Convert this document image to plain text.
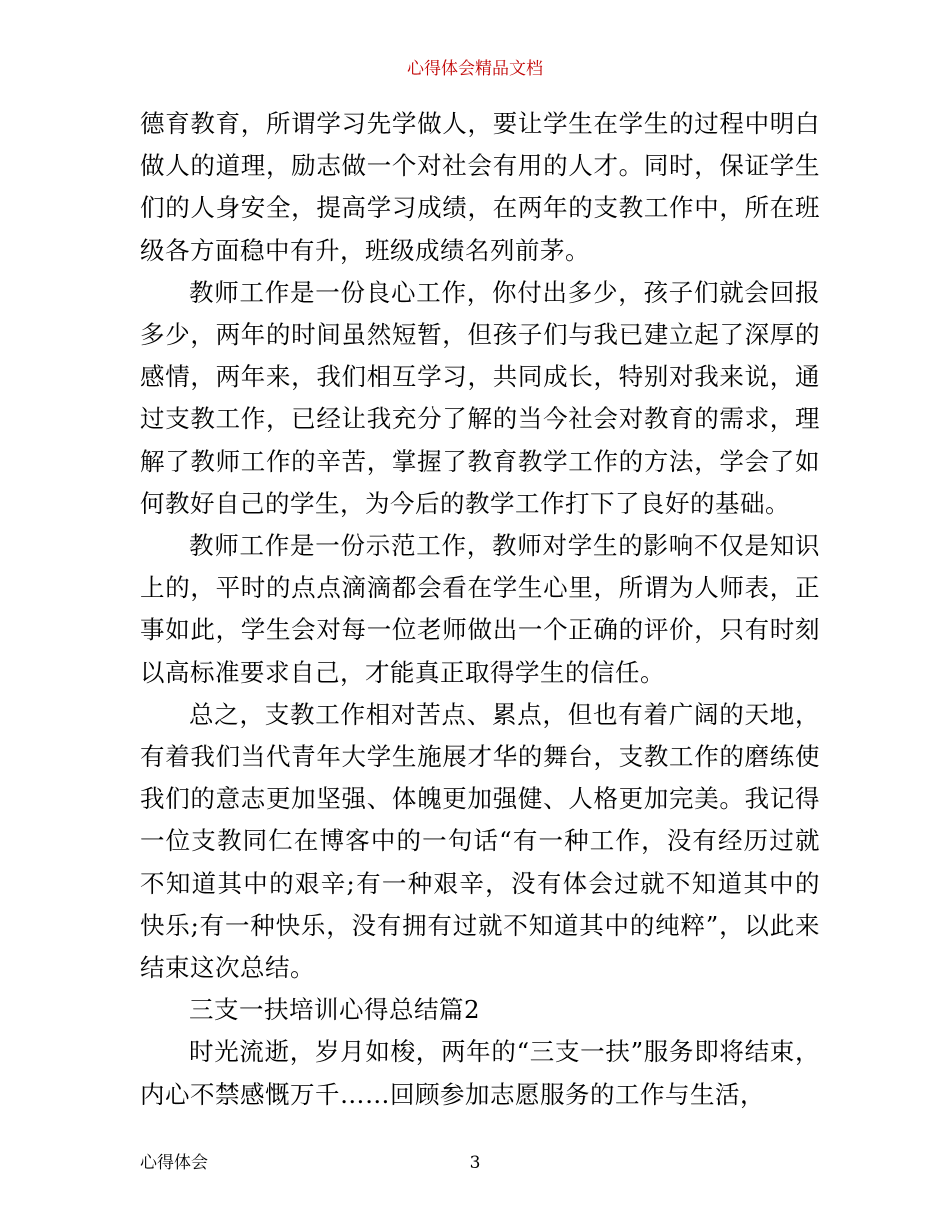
心得体会精品文档

德育教育，所谓学习先学做人，要让学生在学生的过程中明白做人的道理，励志做一个对社会有用的人才。同时，保证学生们的人身安全，提高学习成绩，在两年的支教工作中，所在班级各方面稳中有升，班级成绩名列前茅。

教师工作是一份良心工作，你付出多少，孩子们就会回报多少，两年的时间虽然短暂，但孩子们与我已建立起了深厚的感情，两年来，我们相互学习，共同成长，特别对我来说，通过支教工作，已经让我充分了解的当今社会对教育的需求，理解了教师工作的辛苦，掌握了教育教学工作的方法，学会了如何教好自己的学生，为今后的教学工作打下了良好的基础。

教师工作是一份示范工作，教师对学生的影响不仅是知识上的，平时的点点滴滴都会看在学生心里，所谓为人师表，正事如此，学生会对每一位老师做出一个正确的评价，只有时刻以高标准要求自己，才能真正取得学生的信任。

总之，支教工作相对苦点、累点，但也有着广阔的天地，有着我们当代青年大学生施展才华的舞台，支教工作的磨练使我们的意志更加坚强、体魄更加强健、人格更加完美。我记得一位支教同仁在博客中的一句话“有一种工作，没有经历过就不知道其中的艰辛;有一种艰辛，没有体会过就不知道其中的快乐;有一种快乐，没有拥有过就不知道其中的纯粹”，以此来结束这次总结。

三支一扶培训心得总结篇2

时光流逝，岁月如梭，两年的“三支一扶”服务即将结束，内心不禁感慨万千……回顾参加志愿服务的工作与生活，

心得体会	3
